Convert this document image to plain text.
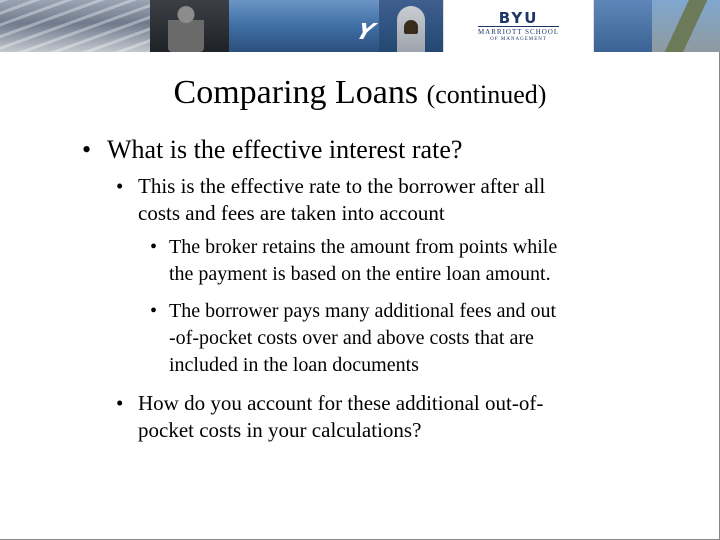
Y
BYU
MARRIOTT SCHOOL
OF MANAGEMENT
Comparing Loans (continued)
• What is the effective interest rate?
• This is the effective rate to the borrower after all
costs and fees are taken into account
• The broker retains the amount from points while
the payment is based on the entire loan amount.
• The borrower pays many additional fees and out
-of-pocket costs over and above costs that are
included in the loan documents
• How do you account for these additional out-of-
pocket costs in your calculations?
